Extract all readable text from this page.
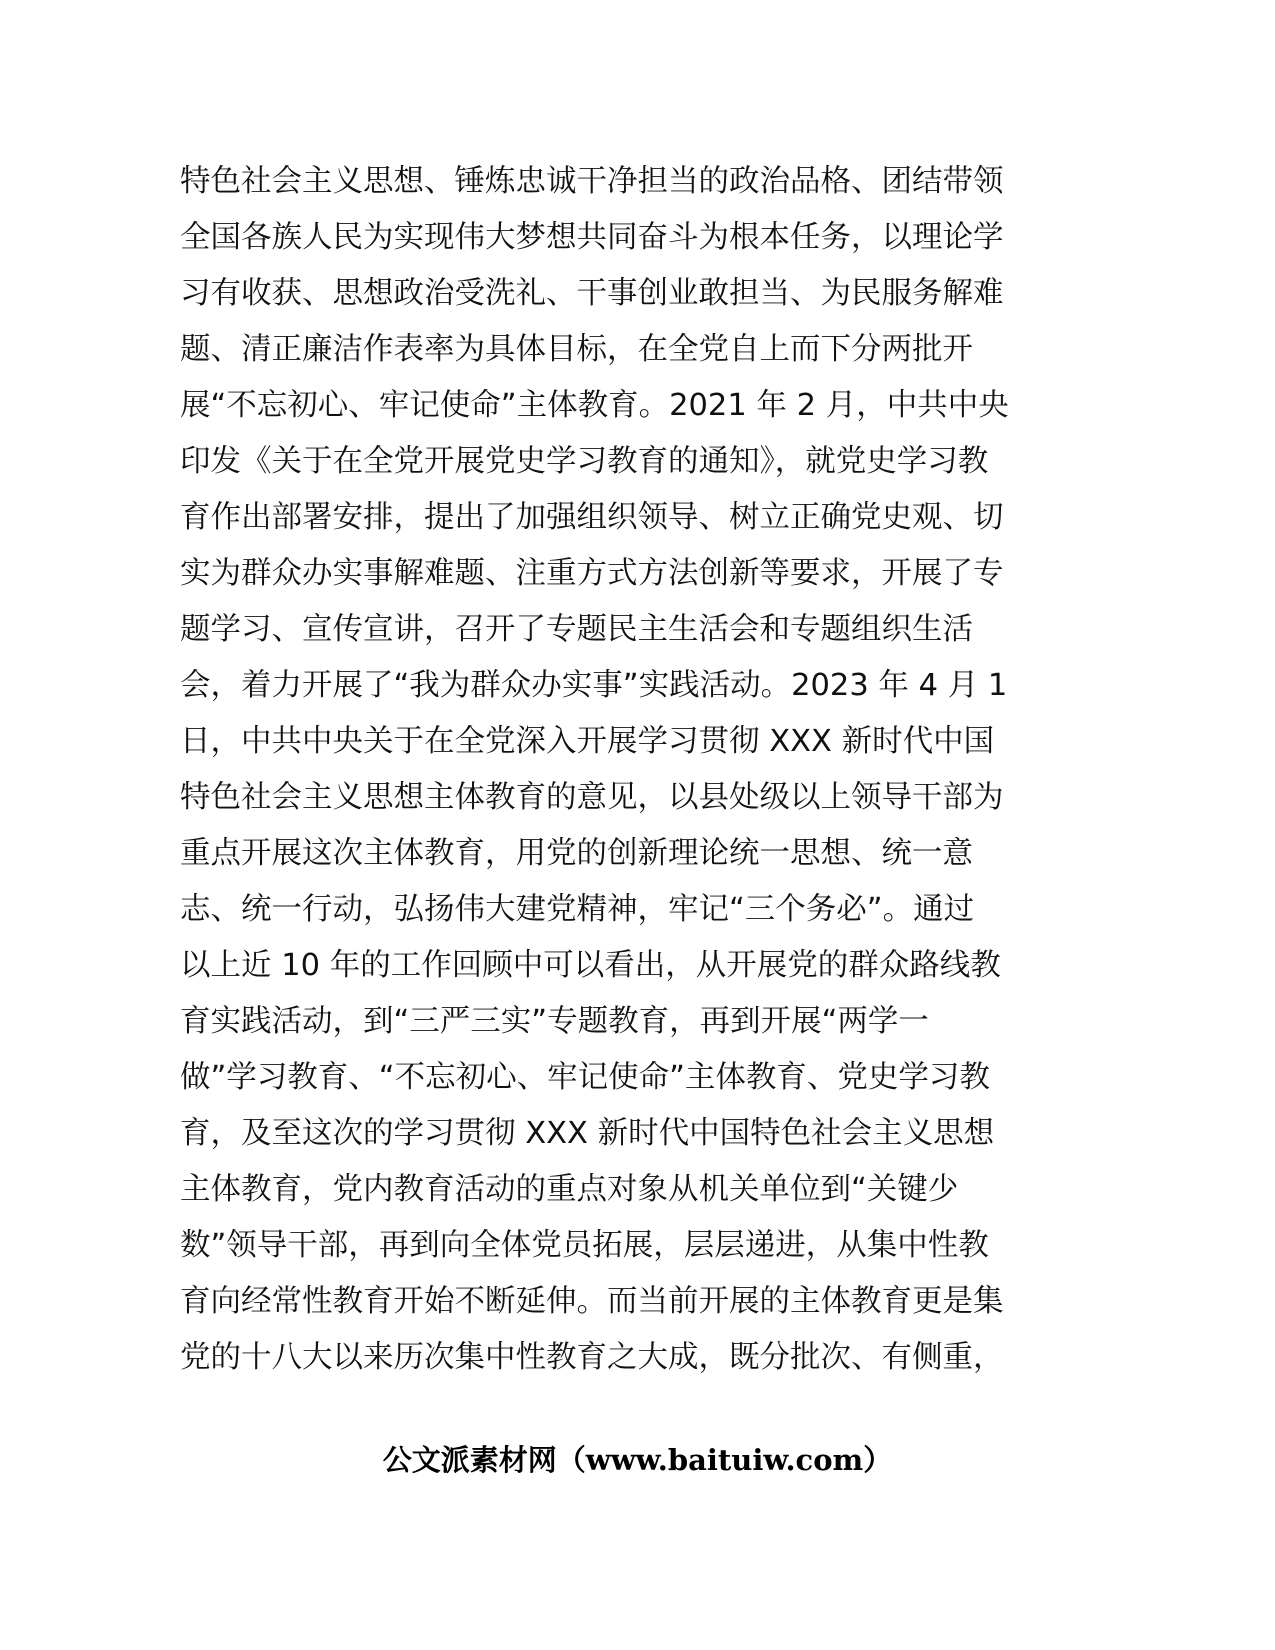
特色社会主义思想、锤炼忠诚干净担当的政治品格、团结带领
全国各族人民为实现伟大梦想共同奋斗为根本任务，以理论学
习有收获、思想政治受洗礼、干事创业敢担当、为民服务解难
题、清正廉洁作表率为具体目标，在全党自上而下分两批开
展“不忘初心、牢记使命”主体教育。2021 年 2 月，中共中央
印发《关于在全党开展党史学习教育的通知》，就党史学习教
育作出部署安排，提出了加强组织领导、树立正确党史观、切
实为群众办实事解难题、注重方式方法创新等要求，开展了专
题学习、宣传宣讲，召开了专题民主生活会和专题组织生活
会，着力开展了“我为群众办实事”实践活动。2023 年 4 月 1
日，中共中央关于在全党深入开展学习贯彻 XXX 新时代中国
特色社会主义思想主体教育的意见，以县处级以上领导干部为
重点开展这次主体教育，用党的创新理论统一思想、统一意
志、统一行动，弘扬伟大建党精神，牢记“三个务必”。通过
以上近 10 年的工作回顾中可以看出，从开展党的群众路线教
育实践活动，到“三严三实”专题教育，再到开展“两学一
做”学习教育、“不忘初心、牢记使命”主体教育、党史学习教
育，及至这次的学习贯彻 XXX 新时代中国特色社会主义思想
主体教育，党内教育活动的重点对象从机关单位到“关键少
数”领导干部，再到向全体党员拓展，层层递进，从集中性教
育向经常性教育开始不断延伸。而当前开展的主体教育更是集
党的十八大以来历次集中性教育之大成，既分批次、有侧重，
公文派素材网（www.baituiw.com）
